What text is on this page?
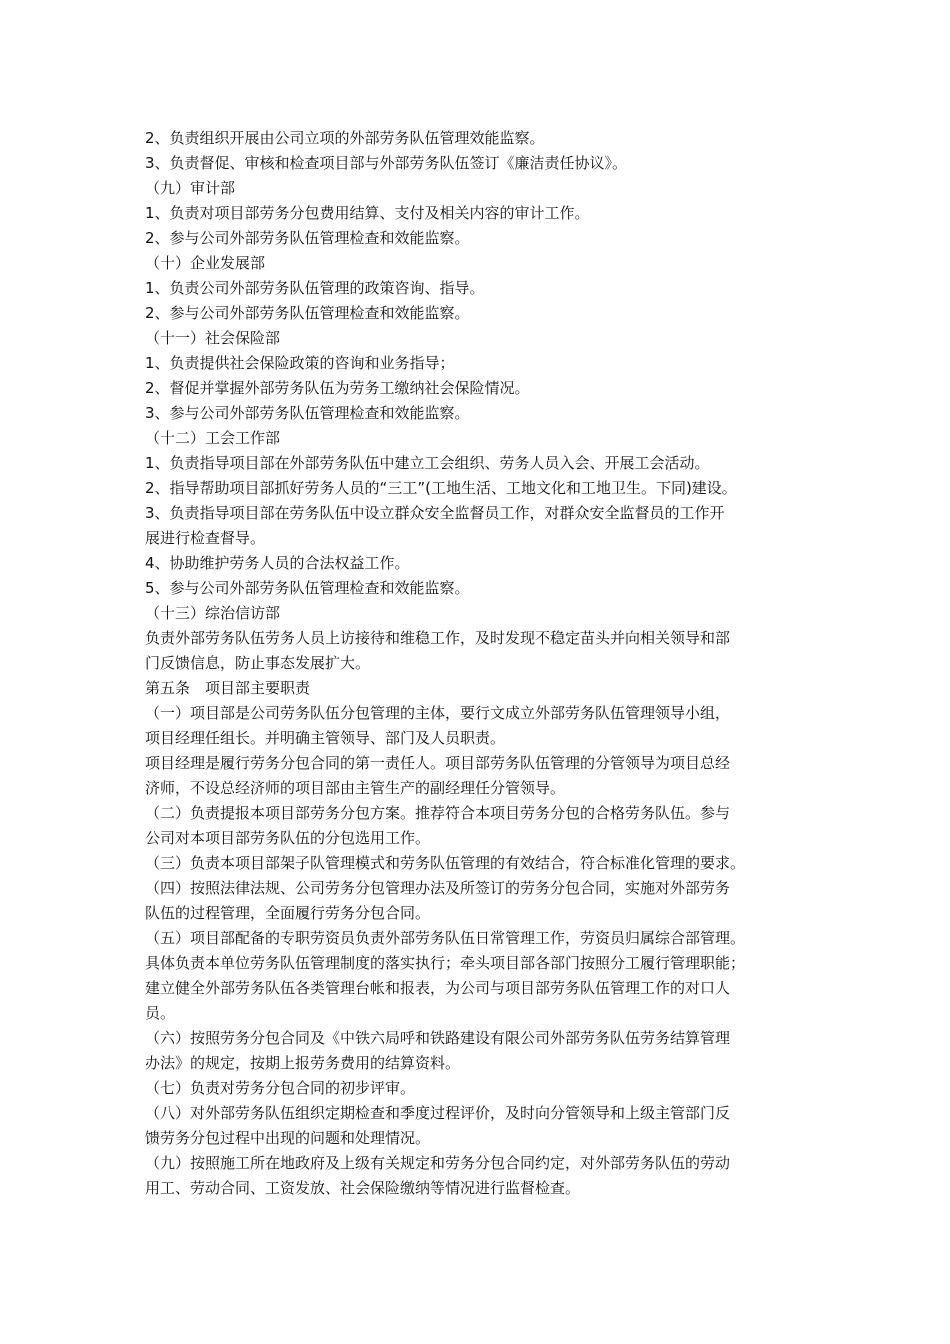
2、负责组织开展由公司立项的外部劳务队伍管理效能监察。

3、负责督促、审核和检查项目部与外部劳务队伍签订《廉洁责任协议》。

（九）审计部

1、负责对项目部劳务分包费用结算、支付及相关内容的审计工作。

2、参与公司外部劳务队伍管理检查和效能监察。

（十）企业发展部

1、负责公司外部劳务队伍管理的政策咨询、指导。

2、参与公司外部劳务队伍管理检查和效能监察。

（十一）社会保险部

1、负责提供社会保险政策的咨询和业务指导；

2、督促并掌握外部劳务队伍为劳务工缴纳社会保险情况。

3、参与公司外部劳务队伍管理检查和效能监察。

（十二）工会工作部

1、负责指导项目部在外部劳务队伍中建立工会组织、劳务人员入会、开展工会活动。

2、指导帮助项目部抓好劳务人员的“三工”(工地生活、工地文化和工地卫生。下同)建设。

3、负责指导项目部在劳务队伍中设立群众安全监督员工作，对群众安全监督员的工作开

展进行检查督导。

4、协助维护劳务人员的合法权益工作。

5、参与公司外部劳务队伍管理检查和效能监察。

（十三）综治信访部

负责外部劳务队伍劳务人员上访接待和维稳工作，及时发现不稳定苗头并向相关领导和部

门反馈信息，防止事态发展扩大。

第五条　项目部主要职责

（一）项目部是公司劳务队伍分包管理的主体，要行文成立外部劳务队伍管理领导小组，

项目经理任组长。并明确主管领导、部门及人员职责。

项目经理是履行劳务分包合同的第一责任人。项目部劳务队伍管理的分管领导为项目总经

济师，不设总经济师的项目部由主管生产的副经理任分管领导。

（二）负责提报本项目部劳务分包方案。推荐符合本项目劳务分包的合格劳务队伍。参与

公司对本项目部劳务队伍的分包选用工作。

（三）负责本项目部架子队管理模式和劳务队伍管理的有效结合，符合标准化管理的要求。

（四）按照法律法规、公司劳务分包管理办法及所签订的劳务分包合同，实施对外部劳务

队伍的过程管理，全面履行劳务分包合同。

（五）项目部配备的专职劳资员负责外部劳务队伍日常管理工作，劳资员归属综合部管理。

具体负责本单位劳务队伍管理制度的落实执行；牵头项目部各部门按照分工履行管理职能；

建立健全外部劳务队伍各类管理台帐和报表，为公司与项目部劳务队伍管理工作的对口人

员。

（六）按照劳务分包合同及《中铁六局呼和铁路建设有限公司外部劳务队伍劳务结算管理

办法》的规定，按期上报劳务费用的结算资料。

（七）负责对劳务分包合同的初步评审。

（八）对外部劳务队伍组织定期检查和季度过程评价，及时向分管领导和上级主管部门反

馈劳务分包过程中出现的问题和处理情况。

（九）按照施工所在地政府及上级有关规定和劳务分包合同约定，对外部劳务队伍的劳动

用工、劳动合同、工资发放、社会保险缴纳等情况进行监督检查。
